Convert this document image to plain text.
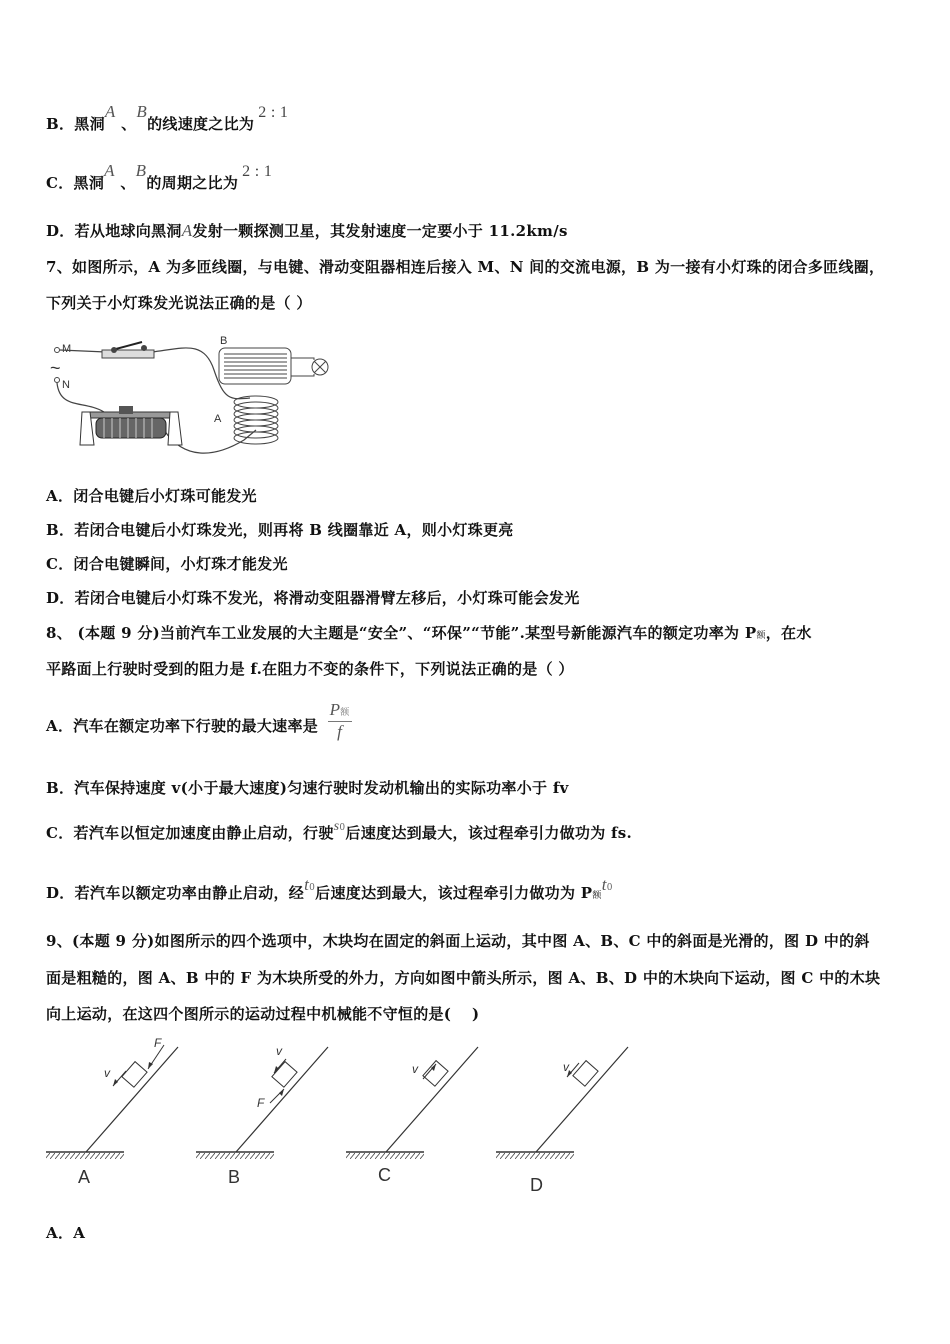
B．黑洞A 、B的线速度之比为2 : 1
C．黑洞A 、B的周期之比为2 : 1
D．若从地球向黑洞A发射一颗探测卫星，其发射速度一定要小于 11.2km/s
7、如图所示，A 为多匝线圈，与电键、滑动变阻器相连后接入 M、N 间的交流电源，B 为一接有小灯珠的闭合多匝线圈，
下列关于小灯珠发光说法正确的是（ ）
M
~
N
B
A
A．闭合电键后小灯珠可能发光
B．若闭合电键后小灯珠发光，则再将 B 线圈靠近 A，则小灯珠更亮
C．闭合电键瞬间，小灯珠才能发光
D．若闭合电键后小灯珠不发光，将滑动变阻器滑臂左移后，小灯珠可能会发光
8、 (本题 9 分)当前汽车工业发展的大主题是“安全”、“环保”“节能”.某型号新能源汽车的额定功率为 P额，在水
平路面上行驶时受到的阻力是 f.在阻力不变的条件下，下列说法正确的是（ ）
A．汽车在额定功率下行驶的最大速率是 $\frac{\text{P额}}{f}$
B．汽车保持速度 v(小于最大速度)匀速行驶时发动机输出的实际功率小于 fv
C．若汽车以恒定加速度由静止启动，行驶$s^0$后速度达到最大，该过程牵引力做功为 fs.
D．若汽车以额定功率由静止启动，经$t^0$后速度达到最大，该过程牵引力做功为 P额$t^0$
9、(本题 9 分)如图所示的四个选项中，木块均在固定的斜面上运动，其中图 A、B、C 中的斜面是光滑的，图 D 中的斜
面是粗糙的，图 A、B 中的 F 为木块所受的外力，方向如图中箭头所示，图 A、B、D 中的木块向下运动，图 C 中的木块
向上运动，在这四个图所示的运动过程中机械能不守恒的是(　 )
F
v
A
F
v
B
v
C
v
D
A．A
